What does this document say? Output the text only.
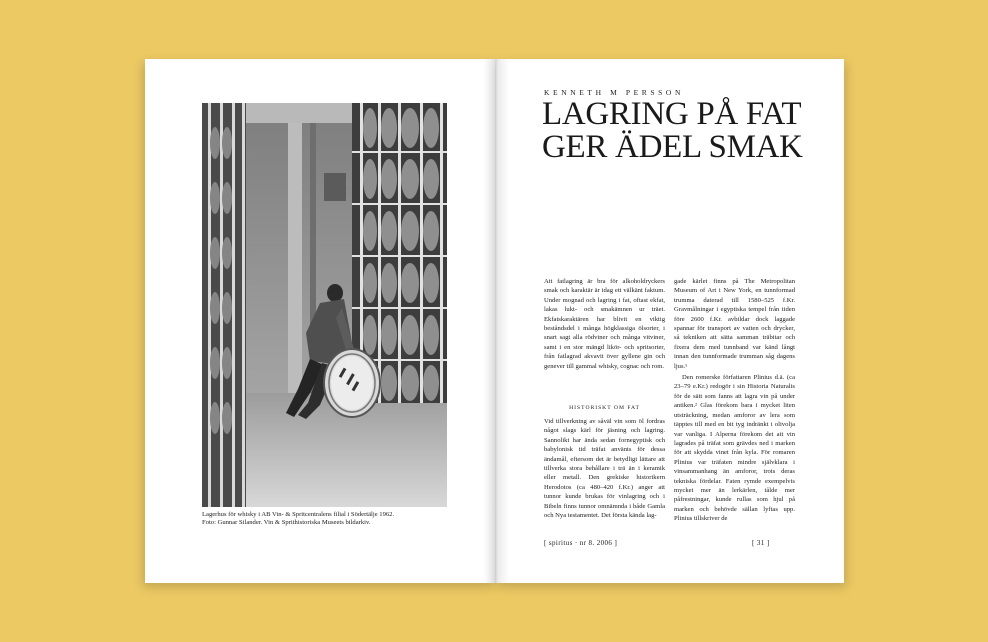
Lagerhus för whisky i AB Vin- & Spritcentralens filial i Södertälje 1962.
Foto: Gunnar Silander. Vin & Sprithistoriska Museets bildarkiv.
KENNETH M PERSSON
LAGRING PÅ FAT
GER ÄDEL SMAK

Att fatlagring är bra för alkoholdryckers smak och karaktär är idag ett välkänt faktum. Under mognad och lagring i fat, oftast ekfat, lakas lukt- och smakämnen ur träet. Ekfatskaraktären har blivit en viktig beståndsdel i många högklassiga ölsorter, i snart sagt alla rödviner och många vitviner, samt i en stor mängd likör- och spritsorter, från fatlagrad akvavit över gyllene gin och genever till gammal whisky, cognac och rom.

HISTORISKT OM FAT

Vid tillverkning av såväl vin som öl fordras något slags kärl för jäsning och lagring. Sannolikt har ända sedan fornegyptisk och babylonisk tid träfat använts för dessa ändamål, eftersom det är betydligt lättare att tillverka stora behållare i trä än i keramik eller metall. Den grekiske historikern Herodotos (ca 480–420 f.Kr.) anger att tunnor kunde brukas för vinlagring och i Bibeln finns tunnor omnämnda i både Gamla och Nya testamentet. Det första kända lag-

gade kärlet finns på The Metropolitan Museum of Art i New York, en tunnformad trumma daterad till 1580–525 f.Kr. Gravmålningar i egyptiska tempel från tiden före 2600 f.Kr. avbildar dock laggade spannar för transport av vatten och drycker, så tekniken att sätta samman träbitar och fixera dem med tunnband var känd långt innan den tunnformade trumman såg dagens ljus.¹

Den romerske författaren Plinius d.ä. (ca 23–79 e.Kr.) redogör i sin Historia Naturalis för de sätt som fanns att lagra vin på under antiken.² Glas förekom bara i mycket liten utsträckning, medan amforor av lera som täpptes till med en bit tyg indränkt i olivolja var vanliga. I Alperna förekom det att vin lagrades på träfat som grävdes ned i marken för att skydda vinet från kyla. För romaren Plinius var träfaten mindre självklara i vinsammanhang än amforor, trots deras tekniska fördelar. Faten rymde exempelvis mycket mer än lerkärlen, tålde mer påfrestningar, kunde rullas som hjul på marken och behövde sällan lyftas upp. Plinius tillskriver de

[ spiritus · nr 8. 2006 ]	[ 31 ]
